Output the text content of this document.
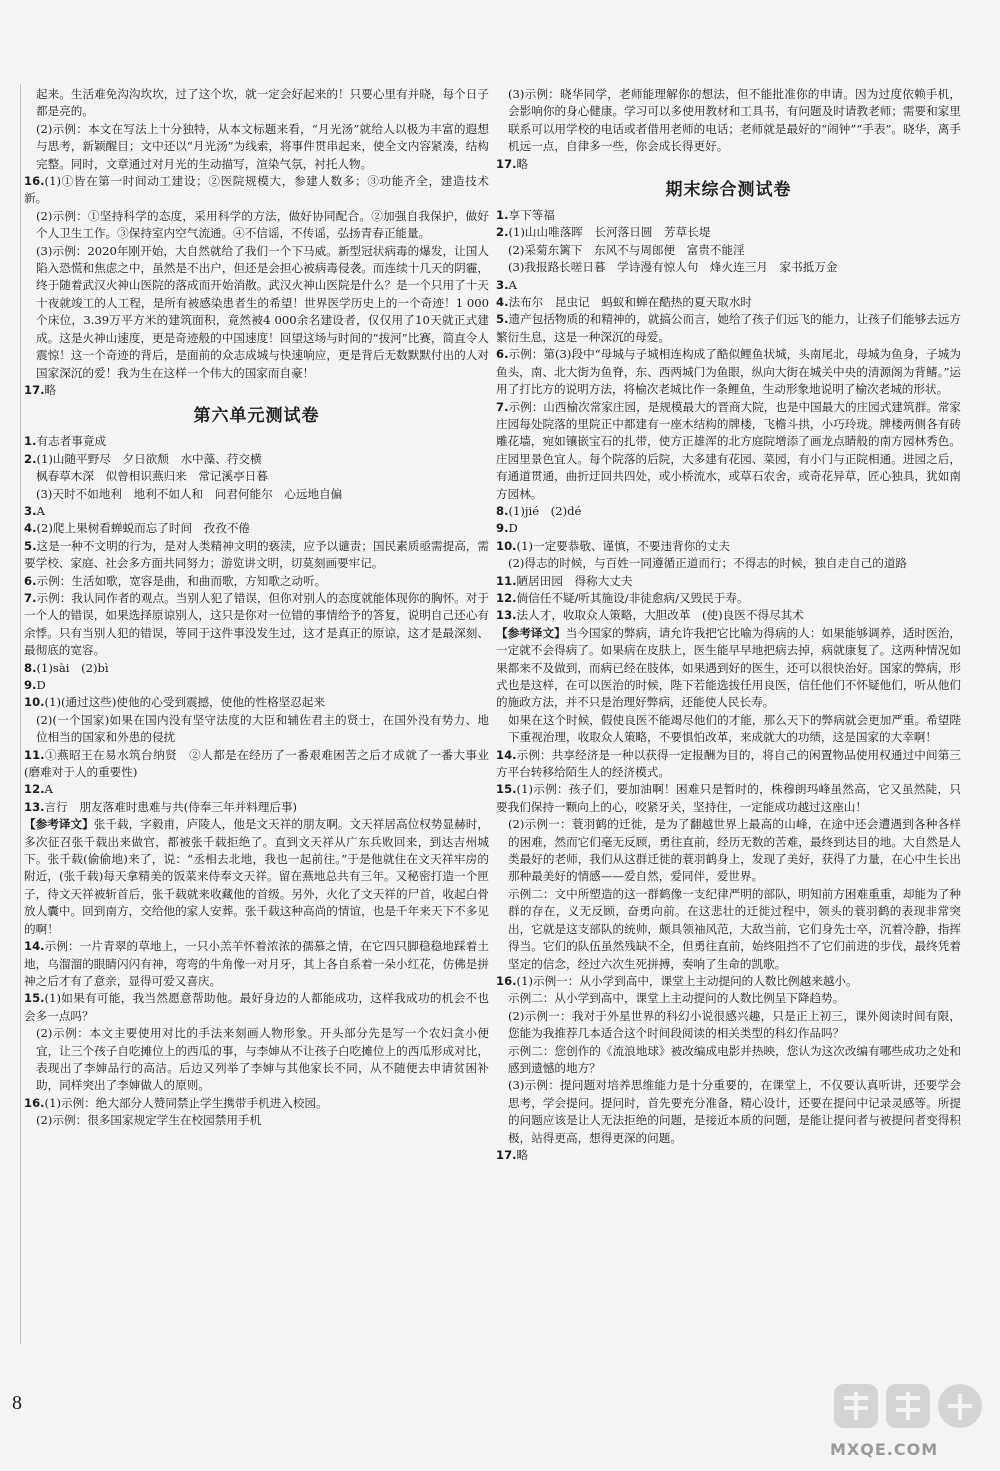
起来。生活难免沟沟坎坎，过了这个坎，就一定会好起来的！只要心里有并晓，每个日子都是亮的。

(2)示例：本文在写法上十分独特，从本文标题来看，“月光汤”就给人以极为丰富的遐想与思考，新颖醒目；文中还以“月光汤”为线索，将事件贯串起来，使全文内容紧凑，结构完整。同时，文章通过对月光的生动描写，渲染气氛，衬托人物。

16.(1)①皆在第一时间动工建设；②医院规模大，参建人数多；③功能齐全，建造技术新。

(2)示例：①坚持科学的态度，采用科学的方法，做好协同配合。②加强自我保护，做好个人卫生工作。③保持室内空气流通。④不信谣，不传谣，弘扬青春正能量。

(3)示例：2020年刚开始，大自然就给了我们一个下马威。新型冠状病毒的爆发，让国人陷入恐慌和焦虑之中，虽然是不出户，但还是会担心被病毒侵袭。而连续十几天的阴霾，终于随着武汉火神山医院的落成而开始消散。武汉火神山医院是什么？是一个只用了十天十夜就竣工的人工程，是所有被感染患者生的希望！世界医学历史上的一个奇迹！1 000个床位，3.39万平方米的建筑面积，竟然被4 000余名建设者，仅仅用了10天就正式建成。这是火神山速度，更是奇迹般的中国速度！回望这场与时间的“拔河”比赛，简直令人震惊！这一个奇迹的背后，是面前的众志成城与快速响应，更是背后无数默默付出的人对国家深沉的爱！我为生在这样一个伟大的国家而自豪！

17.略

第六单元测试卷

1.有志者事竟成

2.(1)山随平野尽　夕日欲颓　水中藻、荇交横

枫春草木深　似曾相识燕归来　常记溪亭日暮

(3)天时不如地利　地利不如人和　问君何能尔　心远地自偏

3.A

4.(2)爬上果树看蝉蜕而忘了时间　孜孜不倦

5.这是一种不文明的行为，是对人类精神文明的亵渎，应予以谴责；国民素质亟需提高，需要学校、家庭、社会多方面共同努力；游览讲文明，切莫刻画要牢记。

6.示例：生活如歌，宽容是曲，和曲而歌，方知歌之动听。

7.示例：我认同作者的观点。当别人犯了错误，但你对别人的态度就能体现你的胸怀。对于一个人的错误，如果选择原谅别人，这只是你对一位错的事情给予的答复，说明自己还心有余悸。只有当别人犯的错误，等同于这件事没发生过，这才是真正的原谅，这才是最深刻、最彻底的宽容。

8.(1)sài　(2)bì

9.D

10.(1)(通过这些)使他的心受到震撼，使他的性格坚忍起来

(2)(一个国家)如果在国内没有坚守法度的大臣和辅佐君主的贤士，在国外没有势力、地位相当的国家和外患的侵扰

11.①燕昭王在易水筑台纳贤　②人都是在经历了一番艰难困苦之后才成就了一番大事业(磨难对于人的重要性)

12.A

13.言行　朋友落难时患难与共(侍奉三年并料理后事)

【参考译文】张千载，字毅甫，庐陵人，他是文天祥的朋友啊。文天祥居高位权势显赫时，多次征召张千载出来做官，都被张千载拒绝了。直到文天祥从广东兵败回来，到达吉州城下。张千载(偷偷地)来了，说：“丞相去北地，我也一起前往。”于是他就住在文天祥牢房的附近，(张千载)每天拿精美的饭菜来侍奉文天祥。留在燕地总共有三年。又秘密打造一个匣子，待文天祥被斩首后，张千载就来收藏他的首级。另外，火化了文天祥的尸首，收起白骨放人囊中。回到南方，交给他的家人安葬。张千载这种高尚的情谊，也是千年来天下不多见的啊！

14.示例：一片青翠的草地上，一只小羔羊怀着浓浓的孺慕之情，在它四只脚稳稳地踩着土地，乌溜溜的眼睛闪闪有神，弯弯的牛角像一对月牙，其上各自系着一朵小红花，仿佛是拼神之后才有了意亲，显得可爱又喜庆。

15.(1)如果有可能，我当然愿意帮助他。最好身边的人都能成功，这样我成功的机会不也会多一点吗？

(2)示例：本文主要使用对比的手法来刻画人物形象。开头部分先是写一个农妇贪小便宜，让三个孩子自吃摊位上的西瓜的事，与李婶从不让孩子白吃摊位上的西瓜形成对比，表现出了李婶品行的高洁。后边又列举了李婶与其他家长不同，从不随便去申请贫困补助，同样突出了李婶做人的原则。

16.(1)示例：绝大部分人赞同禁止学生携带手机进入校园。

(2)示例：很多国家规定学生在校园禁用手机

(3)示例：晓华同学，老师能理解你的想法，但不能批准你的申请。因为过度依赖手机，会影响你的身心健康。学习可以多使用教材和工具书，有问题及时请教老师；需要和家里联系可以用学校的电话或者借用老师的电话；老师就是最好的“闹钟”“手表”。晓华，离手机远一点，自律多一些，你会成长得更好。

17.略

期末综合测试卷

1.享下等福

2.(1)山山唯落晖　长河落日圆　芳草长堤

(2)采菊东篱下　东风不与周郎便　富贵不能淫

(3)我报路长嗟日暮　学诗漫有惊人句　烽火连三月　家书抵万金

3.A

4.法布尔　昆虫记　蚂蚁和蝉在酷热的夏天取水时

5.遗产包括物质的和精神的，就搞公而言，她给了孩子们远飞的能力，让孩子们能够去远方繁衍生息，这是一种深沉的母爱。

6.示例：第(3)段中“母城与子城相连构成了酷似鲤鱼状城，头南尾北，母城为鱼身，子城为鱼头，南、北大街为鱼脊，东、西两城门为鱼眼，纵向大街在城关中央的清源阁为背鳍。”运用了打比方的说明方法，将榆次老城比作一条鲤鱼，生动形象地说明了榆次老城的形状。

7.示例：山西榆次常家庄园，是规模最大的晋商大院，也是中国最大的庄园式建筑群。常家庄园每处院落的里院正中都建有一座木结构的牌楼，飞檐斗拱，小巧玲珑。牌楼两侧各有砖雕花墙，宛如镶嵌宝石的扎带，使方正雄浑的北方庭院增添了画龙点睛般的南方园林秀色。庄园里景色宜人。每个院落的后院，大多建有花园、菜园，有小门与正院相通。进园之后，有通道贯通，曲折迂回共四处，或小桥流水，或草石农舍，或奇花异草，匠心独具，犹如南方园林。

8.(1)jié　(2)dé

9.D

10.(1)一定要恭敬、谨慎，不要违背你的丈夫

(2)得志的时候，与百姓一同遵循正道而行；不得志的时候，独自走自己的道路

11.陋居田园　得称大丈夫

12.倘信任不疑/听其施设/非徒愈病/又毁民于寿。

13.法人才，收取众人策略，大胆改革　(使)良医不得尽其术

【参考译文】当今国家的弊病，请允许我把它比喻为得病的人：如果能够调养，适时医治，一定就不会得病了。如果病在皮肤上，医生能早早地把病去掉，病就康复了。这两种情况如果都来不及做到，而病已经在肢体，如果遇到好的医生，还可以很快治好。国家的弊病，形式也是这样，在可以医治的时候，陛下若能选拔任用良医，信任他们不怀疑他们，听从他们的施政方法，并不只是治理好弊病，还能使人民长寿。

如果在这个时候，假使良医不能竭尽他们的才能，那么天下的弊病就会更加严重。希望陛下重视治理，收取众人策略，不要惧怕改革，来成就大的功绩，这是国家的大幸啊！

14.示例：共享经济是一种以获得一定报酬为目的，将自己的闲置物品使用权通过中间第三方平台转移给陌生人的经济模式。

15.(1)示例：孩子们，要加油啊！困难只是暂时的，株穆朗玛峰虽然高，它又虽然陡，只要我们保持一颗向上的心，咬紧牙关，坚持住，一定能成功越过这座山！

(2)示例一：蓑羽鹤的迁徙，是为了翻越世界上最高的山峰，在途中还会遭遇到各种各样的困难，然而它们毫无反顾，勇往直前，经历无数的苦难，最终到达目的地。大自然是人类最好的老师，我们从这群迁徙的蓑羽鹤身上，发现了美好，获得了力量，在心中生长出那种最美好的情感——爱自然，爱同伴，爱世界。

示例二：文中所塑造的这一群鹤像一支纪律严明的部队，明知前方困难重重，却能为了种群的存在，义无反顾，奋勇向前。在这悲壮的迁徙过程中，领头的蓑羽鹤的表现非常突出，它就是这支部队的统帅，颇具领袖风范，大敌当前，它们身先士卒，沉着冷静，指挥得当。它们的队伍虽然残缺不全，但勇往直前，始终阻挡不了它们前进的步伐，最终凭着坚定的信念，经过六次生死拼搏，奏响了生命的凯歌。

16.(1)示例一：从小学到高中，课堂上主动提问的人数比例越来越小。

示例二：从小学到高中，课堂上主动提问的人数比例呈下降趋势。

(2)示例一：我对于外星世界的科幻小说很感兴趣，只是正上初三，课外阅读时间有限，您能为我推荐几本适合这个时间段阅读的相关类型的科幻作品吗？

示例二：您创作的《流浪地球》被改编成电影并热映，您认为这次改编有哪些成功之处和感到遗憾的地方？

(3)示例：提问题对培养思维能力是十分重要的，在课堂上，不仅要认真听讲，还要学会思考，学会提问。提问时，首先要充分准备，精心设计，还要在提问中记录灵感等。所提的问题应该是让人无法拒绝的问题，是接近本质的问题，是能让提问者与被提问者变得积极，站得更高，想得更深的问题。

17.略

8
MXQE.COM
